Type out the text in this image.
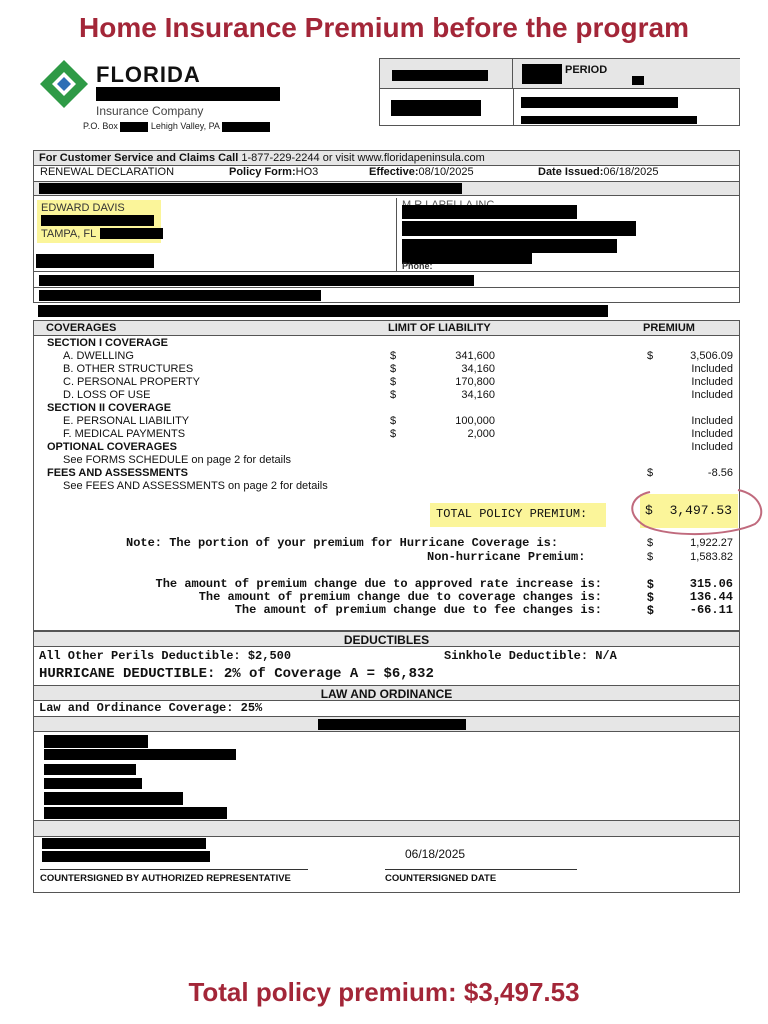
Home Insurance Premium before the program
FLORIDA
Insurance Company
P.O. Box	Lehigh Valley, PA
PERIOD
For Customer Service and Claims Call 1-877-229-2244 or visit www.floridapeninsula.com
RENEWAL DECLARATION	Policy Form:HO3	Effective:08/10/2025	Date Issued:06/18/2025
EDWARD DAVIS
TAMPA, FL
Phone:
COVERAGES	LIMIT OF LIABILITY	PREMIUM
SECTION I COVERAGE
A. DWELLING	$	341,600	$	3,506.09
B. OTHER STRUCTURES	$	34,160	Included
C. PERSONAL PROPERTY	$	170,800	Included
D. LOSS OF USE	$	34,160	Included
SECTION II COVERAGE
E. PERSONAL LIABILITY	$	100,000	Included
F. MEDICAL PAYMENTS	$	2,000	Included
OPTIONAL COVERAGES	Included
See FORMS SCHEDULE on page 2 for details
FEES AND ASSESSMENTS	$	-8.56
See FEES AND ASSESSMENTS on page 2 for details
TOTAL POLICY PREMIUM:	$ 3,497.53
Note: The portion of your premium for Hurricane Coverage is:	$	1,922.27
Non-hurricane Premium:	$	1,583.82
The amount of premium change due to approved rate increase is:	$	315.06
The amount of premium change due to coverage changes is:	$	136.44
The amount of premium change due to fee changes is:	$	-66.11
DEDUCTIBLES
All Other Perils Deductible: $2,500	Sinkhole Deductible: N/A
HURRICANE DEDUCTIBLE: 2% of Coverage A = $6,832
LAW AND ORDINANCE
Law and Ordinance Coverage: 25%
COUNTERSIGNED BY AUTHORIZED REPRESENTATIVE
06/18/2025
COUNTERSIGNED DATE
Total policy premium: $3,497.53
